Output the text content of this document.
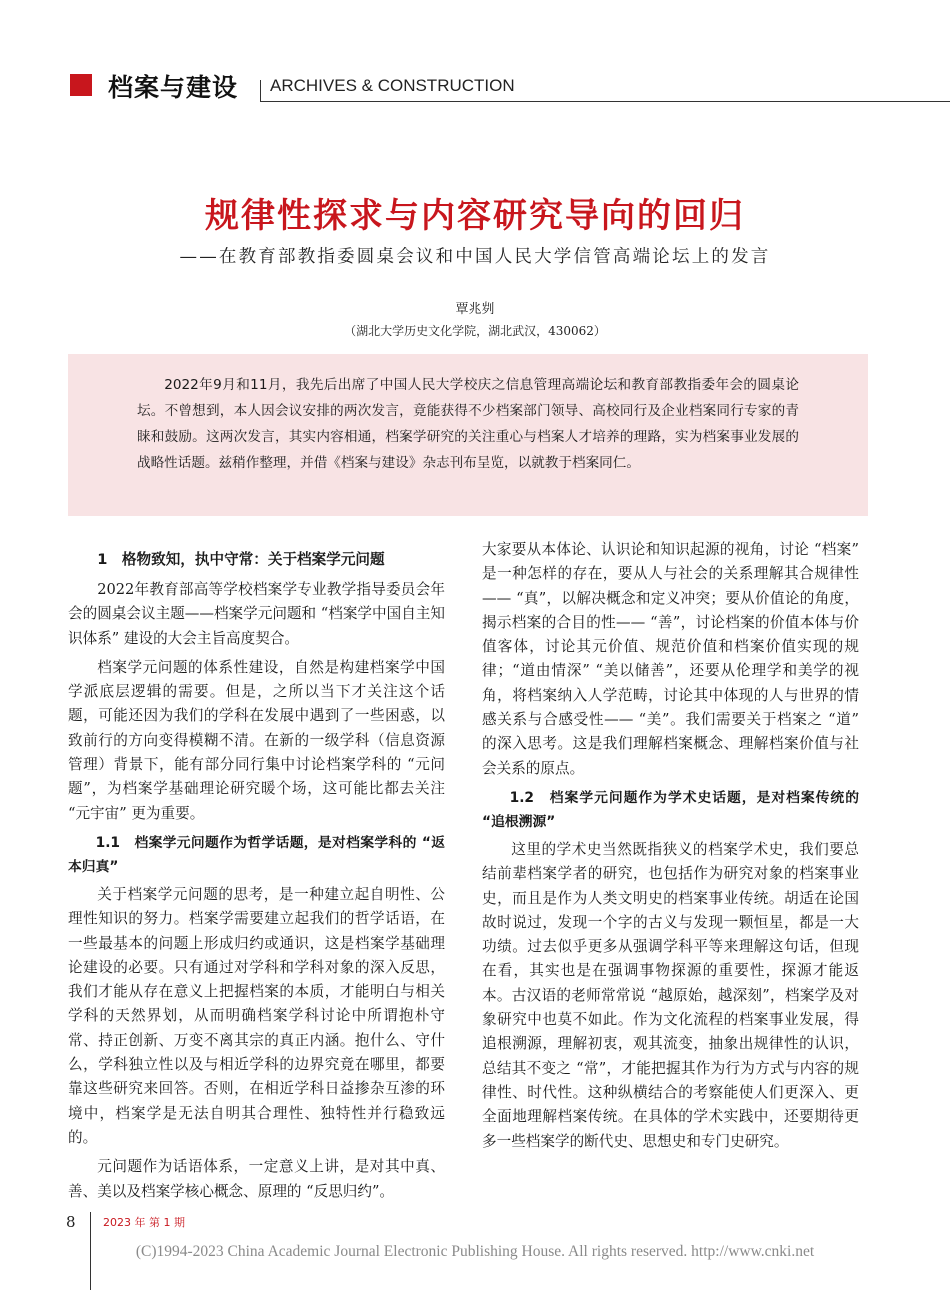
档案与建设 ARCHIVES & CONSTRUCTION
规律性探求与内容研究导向的回归
——在教育部教指委圆桌会议和中国人民大学信管高端论坛上的发言
覃兆刿
（湖北大学历史文化学院，湖北武汉，430062）
2022年9月和11月，我先后出席了中国人民大学校庆之信息管理高端论坛和教育部教指委年会的圆桌论坛。不曾想到，本人因会议安排的两次发言，竟能获得不少档案部门领导、高校同行及企业档案同行专家的青睐和鼓励。这两次发言，其实内容相通，档案学研究的关注重心与档案人才培养的理路，实为档案事业发展的战略性话题。兹稍作整理，并借《档案与建设》杂志刊布呈览，以就教于档案同仁。
1　格物致知，执中守常：关于档案学元问题

2022年教育部高等学校档案学专业教学指导委员会年会的圆桌会议主题——档案学元问题和 “档案学中国自主知识体系” 建设的大会主旨高度契合。

档案学元问题的体系性建设，自然是构建档案学中国学派底层逻辑的需要。但是，之所以当下才关注这个话题，可能还因为我们的学科在发展中遇到了一些困惑，以致前行的方向变得模糊不清。在新的一级学科（信息资源管理）背景下，能有部分同行集中讨论档案学科的 “元问题”，为档案学基础理论研究暖个场，这可能比都去关注 “元宇宙” 更为重要。

1.1　档案学元问题作为哲学话题，是对档案学科的 “返本归真”

关于档案学元问题的思考，是一种建立起自明性、公理性知识的努力。档案学需要建立起我们的哲学话语，在一些最基本的问题上形成归约或通识，这是档案学基础理论建设的必要。只有通过对学科和学科对象的深入反思，我们才能从存在意义上把握档案的本质，才能明白与相关学科的天然界划，从而明确档案学科讨论中所谓抱朴守常、持正创新、万变不离其宗的真正内涵。抱什么、守什么，学科独立性以及与相近学科的边界究竟在哪里，都要靠这些研究来回答。否则，在相近学科日益掺杂互渗的环境中，档案学是无法自明其合理性、独特性并行稳致远的。

元问题作为话语体系，一定意义上讲，是对其中真、善、美以及档案学核心概念、原理的 “反思归约”。

大家要从本体论、认识论和知识起源的视角，讨论 “档案” 是一种怎样的存在，要从人与社会的关系理解其合规律性—— “真”，以解决概念和定义冲突；要从价值论的角度，揭示档案的合目的性—— “善”，讨论档案的价值本体与价值客体，讨论其元价值、规范价值和档案价值实现的规律；“道由情深” “美以储善”，还要从伦理学和美学的视角，将档案纳入人学范畴，讨论其中体现的人与世界的情感关系与合感受性—— “美”。我们需要关于档案之 “道” 的深入思考。这是我们理解档案概念、理解档案价值与社会关系的原点。

1.2　档案学元问题作为学术史话题，是对档案传统的 “追根溯源”

这里的学术史当然既指狭义的档案学术史，我们要总结前辈档案学者的研究，也包括作为研究对象的档案事业史，而且是作为人类文明史的档案事业传统。胡适在论国故时说过，发现一个字的古义与发现一颗恒星，都是一大功绩。过去似乎更多从强调学科平等来理解这句话，但现在看，其实也是在强调事物探源的重要性，探源才能返本。古汉语的老师常常说 “越原始，越深刻”，档案学及对象研究中也莫不如此。作为文化流程的档案事业发展，得追根溯源，理解初衷，观其流变，抽象出规律性的认识，总结其不变之 “常”，才能把握其作为行为方式与内容的规律性、时代性。这种纵横结合的考察能使人们更深入、更全面地理解档案传统。在具体的学术实践中，还要期待更多一些档案学的断代史、思想史和专门史研究。

8 2023 年 第 1 期
(C)1994-2023 China Academic Journal Electronic Publishing House. All rights reserved. http://www.cnki.net
